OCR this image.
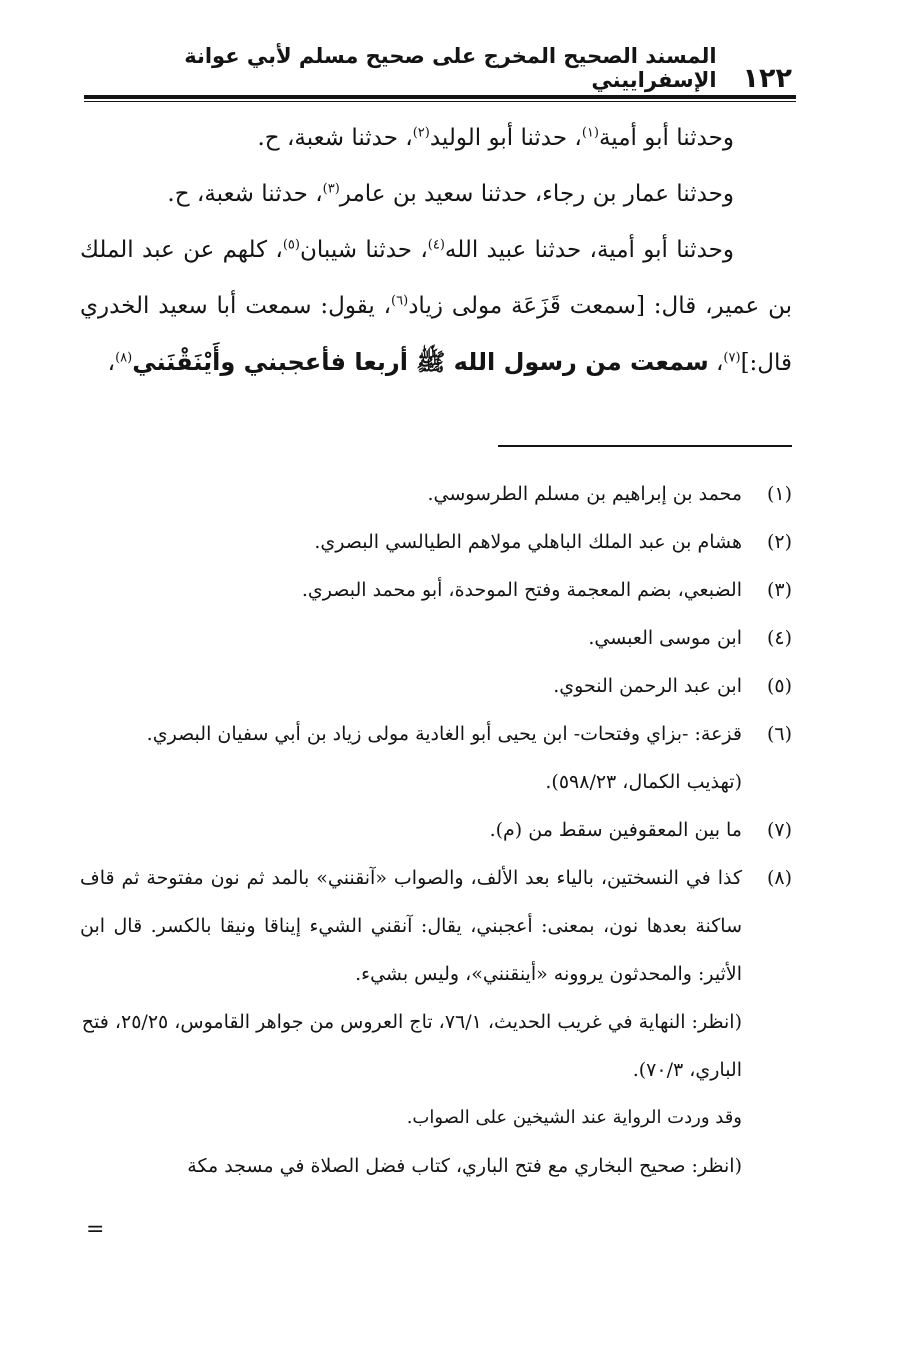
١٢٢
المسند الصحيح المخرج على صحيح مسلم لأبي عوانة الإسفراييني

وحدثنا أبو أمية$^{(١)}$، حدثنا أبو الوليد$^{(٢)}$، حدثنا شعبة، ح.

وحدثنا عمار بن رجاء، حدثنا سعيد بن عامر$^{(٣)}$، حدثنا شعبة، ح.

وحدثنا أبو أمية، حدثنا عبيد الله$^{(٤)}$، حدثنا شيبان$^{(٥)}$، كلهم عن عبد الملك بن عمير، قال: [سمعت قَزَعَة مولى زياد$^{(٦)}$، يقول: سمعت أبا سعيد الخدري قال:]$^{(٧)}$، سمعت من رسول الله ﷺ أربعا فأعجبني وأَيْنَقْنَني$^{(٨)}$،

(١)
محمد بن إبراهيم بن مسلم الطرسوسي.
(٢)
هشام بن عبد الملك الباهلي مولاهم الطيالسي البصري.
(٣)
الضبعي، بضم المعجمة وفتح الموحدة، أبو محمد البصري.
(٤)
ابن موسى العبسي.
(٥)
ابن عبد الرحمن النحوي.
(٦)
قزعة: -بزاي وفتحات- ابن يحيى أبو الغادية مولى زياد بن أبي سفيان البصري.
(تهذيب الكمال، ٥٩٨/٢٣).
(٧)
ما بين المعقوفين سقط من (م).
(٨)
كذا في النسختين، بالياء بعد الألف، والصواب «آنقنني» بالمد ثم نون مفتوحة ثم قاف ساكنة بعدها نون، بمعنى: أعجبني، يقال: آنقني الشيء إيناقا ونيقا بالكسر. قال ابن الأثير: والمحدثون يروونه «أينقنني»، وليس بشيء.
(انظر: النهاية في غريب الحديث، ٧٦/١، تاج العروس من جواهر القاموس، ٢٥/٢٥، فتح الباري، ٧٠/٣).
وقد وردت الرواية عند الشيخين على الصواب.
(انظر: صحيح البخاري مع فتح الباري، كتاب فضل الصلاة في مسجد مكة
=
